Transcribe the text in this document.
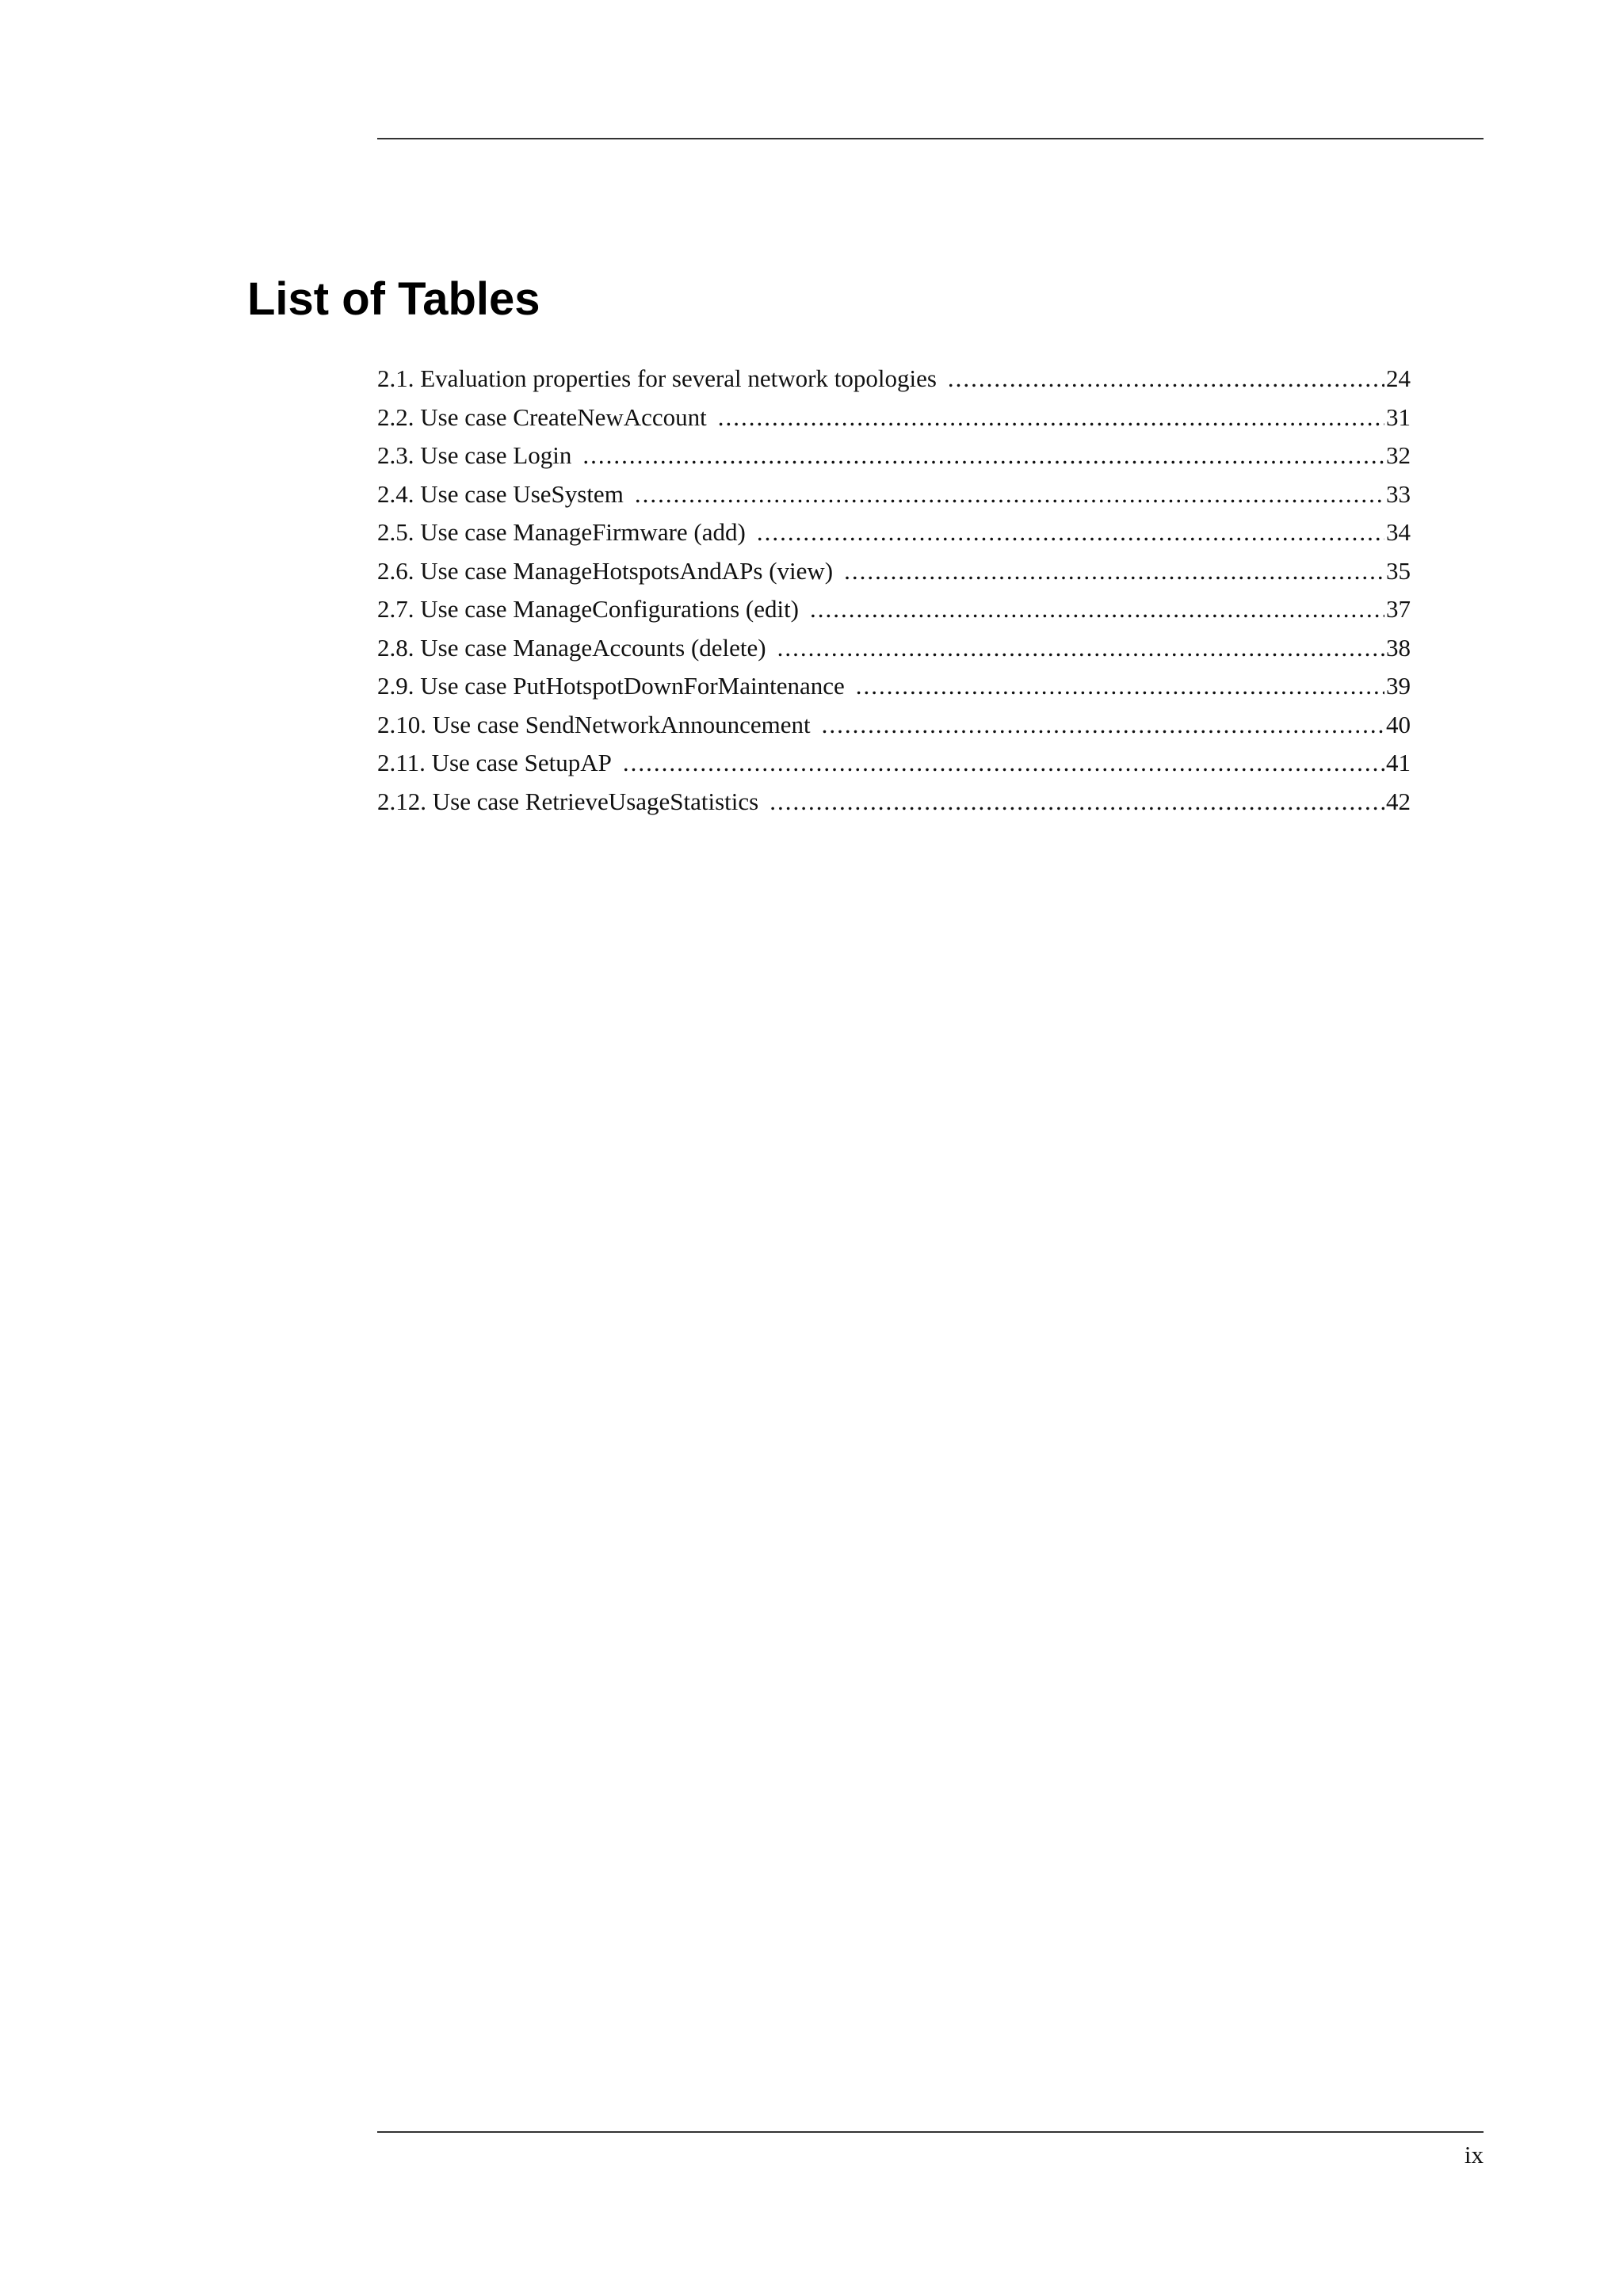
List of Tables
2.1. Evaluation properties for several network topologies .....	24
2.2. Use case CreateNewAccount .....	31
2.3. Use case Login .....	32
2.4. Use case UseSystem .....	33
2.5. Use case ManageFirmware (add) .....	34
2.6. Use case ManageHotspotsAndAPs (view) .....	35
2.7. Use case ManageConfigurations (edit) .....	37
2.8. Use case ManageAccounts (delete) .....	38
2.9. Use case PutHotspotDownForMaintenance .....	39
2.10. Use case SendNetworkAnnouncement .....	40
2.11. Use case SetupAP .....	41
2.12. Use case RetrieveUsageStatistics .....	42
ix
